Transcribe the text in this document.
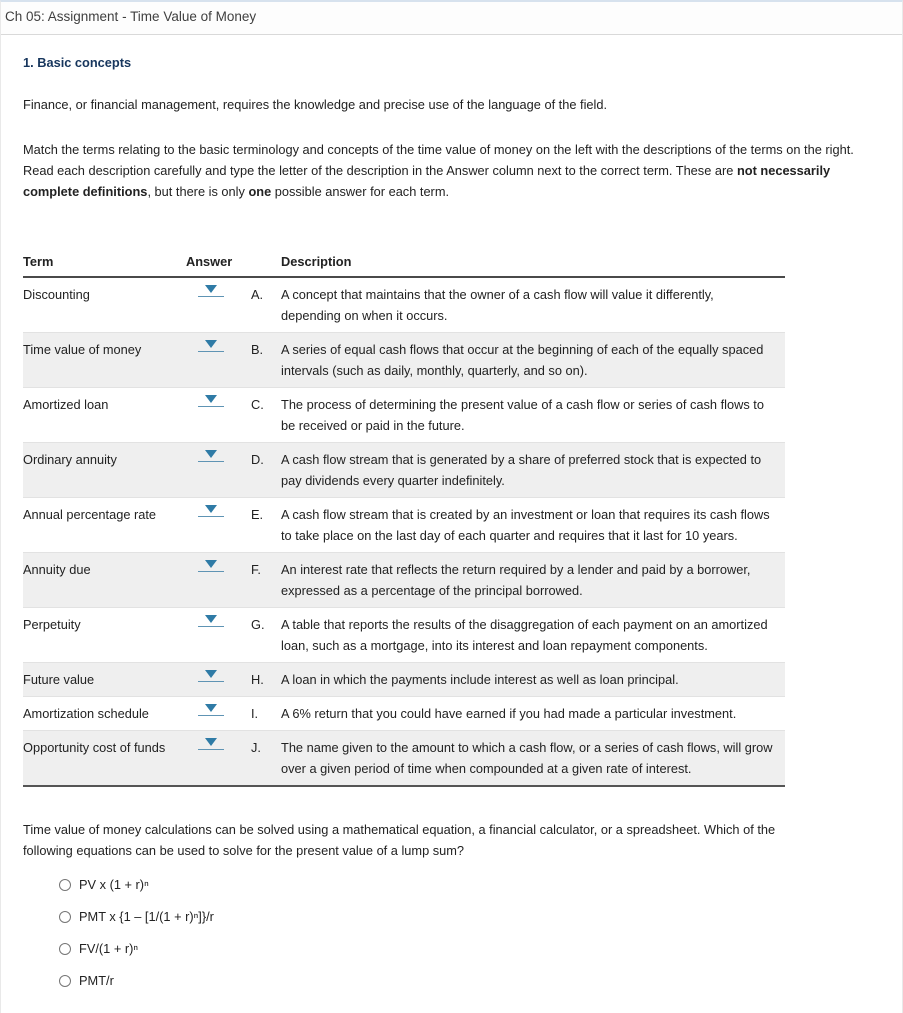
Ch 05: Assignment - Time Value of Money
1. Basic concepts

Finance, or financial management, requires the knowledge and precise use of the language of the field.

Match the terms relating to the basic terminology and concepts of the time value of money on the left with the descriptions of the terms on the right. Read each description carefully and type the letter of the description in the Answer column next to the correct term. These are not necessarily complete definitions, but there is only one possible answer for each term.

Term	Answer		Description
Discounting		A.	A concept that maintains that the owner of a cash flow will value it differently, depending on when it occurs.
Time value of money		B.	A series of equal cash flows that occur at the beginning of each of the equally spaced intervals (such as daily, monthly, quarterly, and so on).
Amortized loan		C.	The process of determining the present value of a cash flow or series of cash flows to be received or paid in the future.
Ordinary annuity		D.	A cash flow stream that is generated by a share of preferred stock that is expected to pay dividends every quarter indefinitely.
Annual percentage rate		E.	A cash flow stream that is created by an investment or loan that requires its cash flows to take place on the last day of each quarter and requires that it last for 10 years.
Annuity due		F.	An interest rate that reflects the return required by a lender and paid by a borrower, expressed as a percentage of the principal borrowed.
Perpetuity		G.	A table that reports the results of the disaggregation of each payment on an amortized loan, such as a mortgage, into its interest and loan repayment components.
Future value		H.	A loan in which the payments include interest as well as loan principal.
Amortization schedule		I.	A 6% return that you could have earned if you had made a particular investment.
Opportunity cost of funds		J.	The name given to the amount to which a cash flow, or a series of cash flows, will grow over a given period of time when compounded at a given rate of interest.

Time value of money calculations can be solved using a mathematical equation, a financial calculator, or a spreadsheet. Which of the following equations can be used to solve for the present value of a lump sum?

PV x (1 + r)ⁿ
PMT x {1 – [1/(1 + r)ⁿ]}/r
FV/(1 + r)ⁿ
PMT/r
